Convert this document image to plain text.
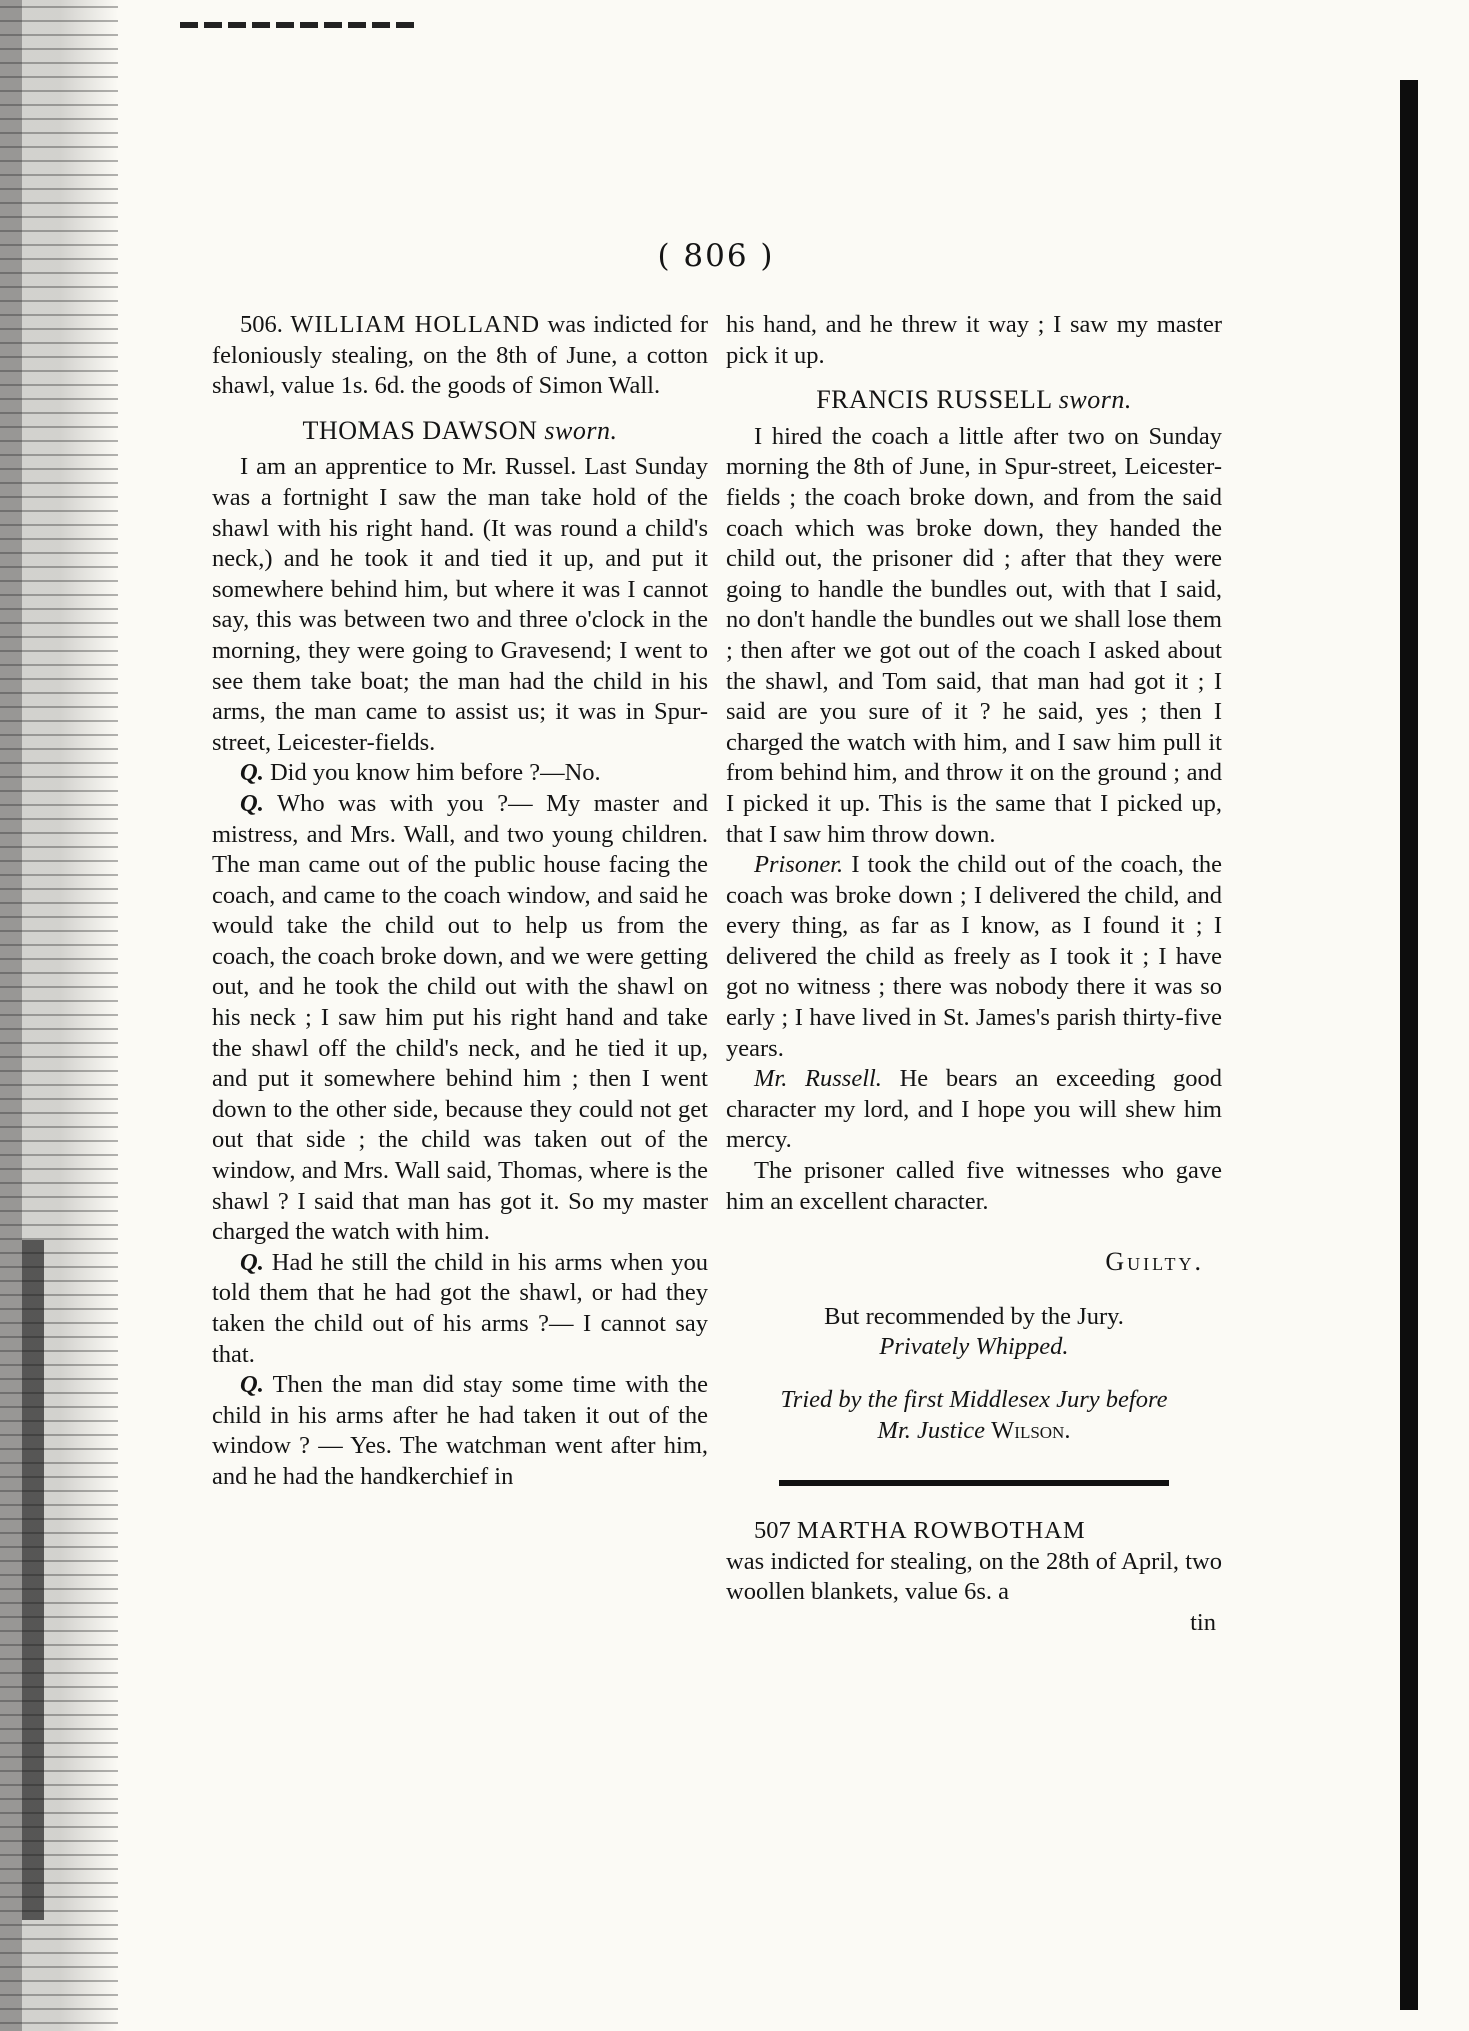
( 806 )

506. WILLIAM HOLLAND was indicted for feloniously stealing, on the 8th of June, a cotton shawl, value 1s. 6d. the goods of Simon Wall.

THOMAS DAWSON sworn.

I am an apprentice to Mr. Russel. Last Sunday was a fortnight I saw the man take hold of the shawl with his right hand. (It was round a child's neck,) and he took it and tied it up, and put it somewhere behind him, but where it was I cannot say, this was between two and three o'clock in the morning, they were going to Gravesend; I went to see them take boat; the man had the child in his arms, the man came to assist us; it was in Spur-street, Leicester-fields.

Q. Did you know him before ?—No.

Q. Who was with you ?— My master and mistress, and Mrs. Wall, and two young children. The man came out of the public house facing the coach, and came to the coach window, and said he would take the child out to help us from the coach, the coach broke down, and we were getting out, and he took the child out with the shawl on his neck ; I saw him put his right hand and take the shawl off the child's neck, and he tied it up, and put it somewhere behind him ; then I went down to the other side, because they could not get out that side ; the child was taken out of the window, and Mrs. Wall said, Thomas, where is the shawl ? I said that man has got it. So my master charged the watch with him.

Q. Had he still the child in his arms when you told them that he had got the shawl, or had they taken the child out of his arms ?— I cannot say that.

Q. Then the man did stay some time with the child in his arms after he had taken it out of the window ? — Yes. The watchman went after him, and he had the handkerchief in

his hand, and he threw it way ; I saw my master pick it up.

FRANCIS RUSSELL sworn.

I hired the coach a little after two on Sunday morning the 8th of June, in Spur-street, Leicester-fields ; the coach broke down, and from the said coach which was broke down, they handed the child out, the prisoner did ; after that they were going to handle the bundles out, with that I said, no don't handle the bundles out we shall lose them ; then after we got out of the coach I asked about the shawl, and Tom said, that man had got it ; I said are you sure of it ? he said, yes ; then I charged the watch with him, and I saw him pull it from behind him, and throw it on the ground ; and I picked it up. This is the same that I picked up, that I saw him throw down.

Prisoner. I took the child out of the coach, the coach was broke down ; I delivered the child, and every thing, as far as I know, as I found it ; I delivered the child as freely as I took it ; I have got no witness ; there was nobody there it was so early ; I have lived in St. James's parish thirty-five years.

Mr. Russell. He bears an exceeding good character my lord, and I hope you will shew him mercy.

The prisoner called five witnesses who gave him an excellent character.

Guilty.

But recommended by the Jury.

Privately Whipped.

Tried by the first Middlesex Jury before

Mr. Justice Wilson.

507 MARTHA ROWBOTHAM

was indicted for stealing, on the 28th of April, two woollen blankets, value 6s. a

tin
